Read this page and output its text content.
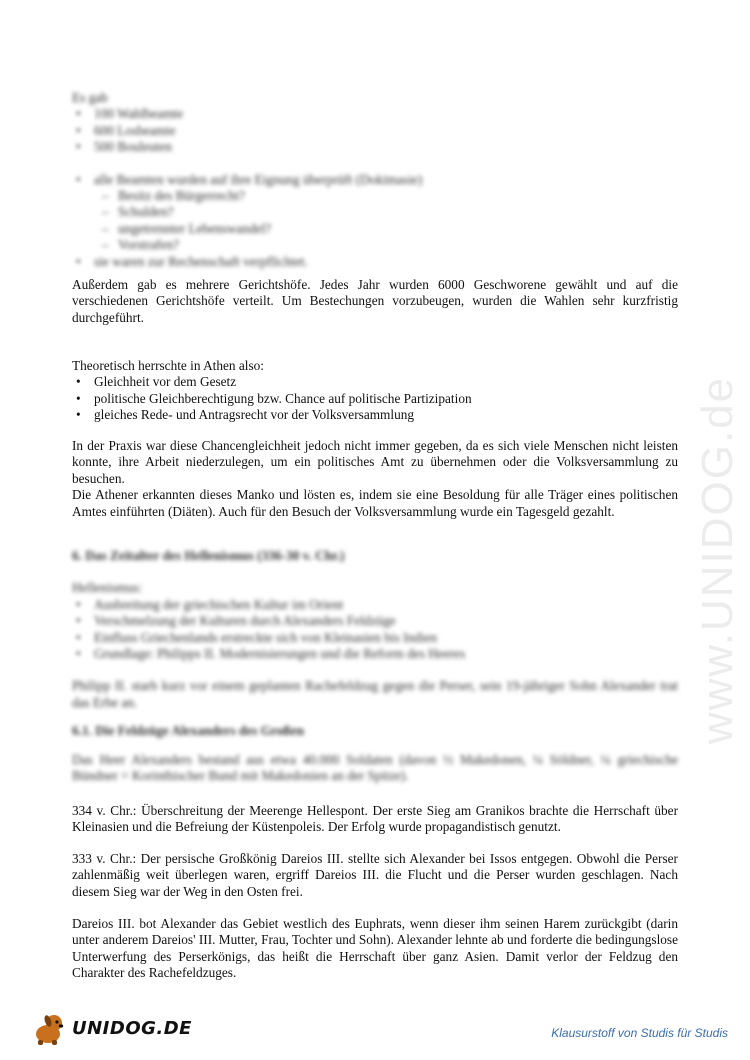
Es gab

• 100 Wahlbeamte
• 600 Losbeamte
• 500 Bouleuten
• alle Beamten wurden auf ihre Eignung überprüft (Dokimasie)
– Besitz des Bürgerrecht?
– Schulden?
– ungetrennter Lebenswandel?
– Vorstrafen?
• sie waren zur Rechenschaft verpflichtet.

Außerdem gab es mehrere Gerichtshöfe. Jedes Jahr wurden 6000 Geschworene gewählt und auf die verschiedenen Gerichtshöfe verteilt. Um Bestechungen vorzubeugen, wurden die Wahlen sehr kurzfristig durchgeführt.

Theoretisch herrschte in Athen also:

• Gleichheit vor dem Gesetz
• politische Gleichberechtigung bzw. Chance auf politische Partizipation
• gleiches Rede- und Antragsrecht vor der Volksversammlung

In der Praxis war diese Chancengleichheit jedoch nicht immer gegeben, da es sich viele Menschen nicht leisten konnte, ihre Arbeit niederzulegen, um ein politisches Amt zu übernehmen oder die Volksversammlung zu besuchen.

Die Athener erkannten dieses Manko und lösten es, indem sie eine Besoldung für alle Träger eines politischen Amtes einführten (Diäten). Auch für den Besuch der Volksversammlung wurde ein Tagesgeld gezahlt.

6. Das Zeitalter des Hellenismus (336-30 v. Chr.)

Hellenismus:

• Ausbreitung der griechischen Kultur im Orient
• Verschmelzung der Kulturen durch Alexanders Feldzüge
• Einfluss Griechenlands erstreckte sich von Kleinasien bis Indien
• Grundlage: Philipps II. Modernisierungen und die Reform des Heeres

Philipp II. starb kurz vor einem geplanten Rachefeldzug gegen die Perser, sein 19-jähriger Sohn Alexander trat das Erbe an.

6.1. Die Feldzüge Alexanders des Großen

Das Heer Alexanders bestand aus etwa 40.000 Soldaten (davon ½ Makedonen, ¼ Söldner, ¼ griechische Bündner = Korinthischer Bund mit Makedonien an der Spitze).

334 v. Chr.: Überschreitung der Meerenge Hellespont. Der erste Sieg am Granikos brachte die Herrschaft über Kleinasien und die Befreiung der Küstenpoleis. Der Erfolg wurde propagandistisch genutzt.

333 v. Chr.: Der persische Großkönig Dareios III. stellte sich Alexander bei Issos entgegen. Obwohl die Perser zahlenmäßig weit überlegen waren, ergriff Dareios III. die Flucht und die Perser wurden geschlagen. Nach diesem Sieg war der Weg in den Osten frei.

Dareios III. bot Alexander das Gebiet westlich des Euphrats, wenn dieser ihm seinen Harem zurückgibt (darin unter anderem Dareios' III. Mutter, Frau, Tochter und Sohn). Alexander lehnte ab und forderte die bedingungslose Unterwerfung des Perserkönigs, das heißt die Herrschaft über ganz Asien. Damit verlor der Feldzug den Charakter des Rachefeldzuges.

www.UNIDOG.de
UNIDOG.DE	Klausurstoff von Studis für Studis
